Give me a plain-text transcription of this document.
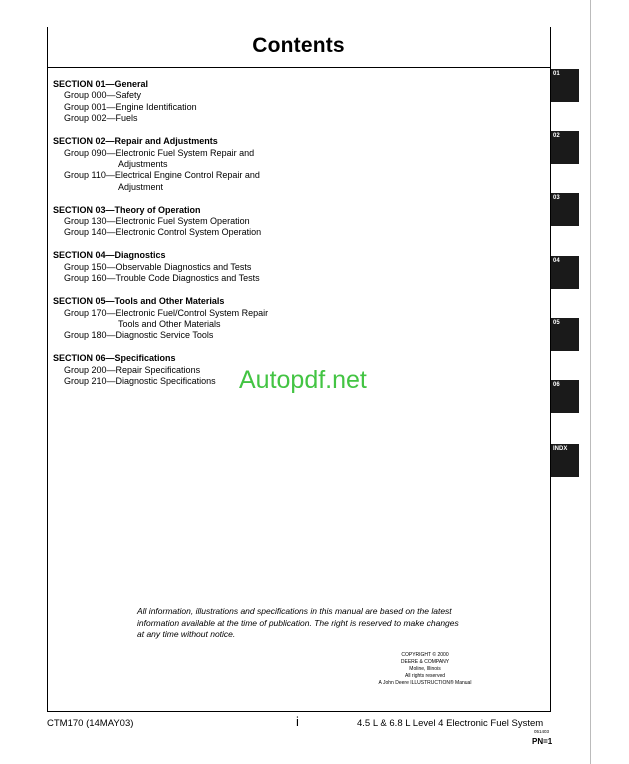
Contents
SECTION 01—General
Group 000—Safety
Group 001—Engine Identification
Group 002—Fuels
SECTION 02—Repair and Adjustments
Group 090—Electronic Fuel System Repair and
Adjustments
Group 110—Electrical Engine Control Repair and
Adjustment
SECTION 03—Theory of Operation
Group 130—Electronic Fuel System Operation
Group 140—Electronic Control System Operation
SECTION 04—Diagnostics
Group 150—Observable Diagnostics and Tests
Group 160—Trouble Code Diagnostics and Tests
SECTION 05—Tools and Other Materials
Group 170—Electronic Fuel/Control System Repair
Tools and Other Materials
Group 180—Diagnostic Service Tools
SECTION 06—Specifications
Group 200—Repair Specifications
Group 210—Diagnostic Specifications
01
02
03
04
05
06
INDX
Autopdf.net
All information, illustrations and specifications in this manual are based on the latest information available at the time of publication. The right is reserved to make changes at any time without notice.
COPYRIGHT © 2000
DEERE & COMPANY
Moline, Illinois
All rights reserved
A John Deere ILLUSTRUCTION® Manual
CTM170 (14MAY03)	i	4.5 L & 6.8 L Level 4 Electronic Fuel System
051403
PN=1
